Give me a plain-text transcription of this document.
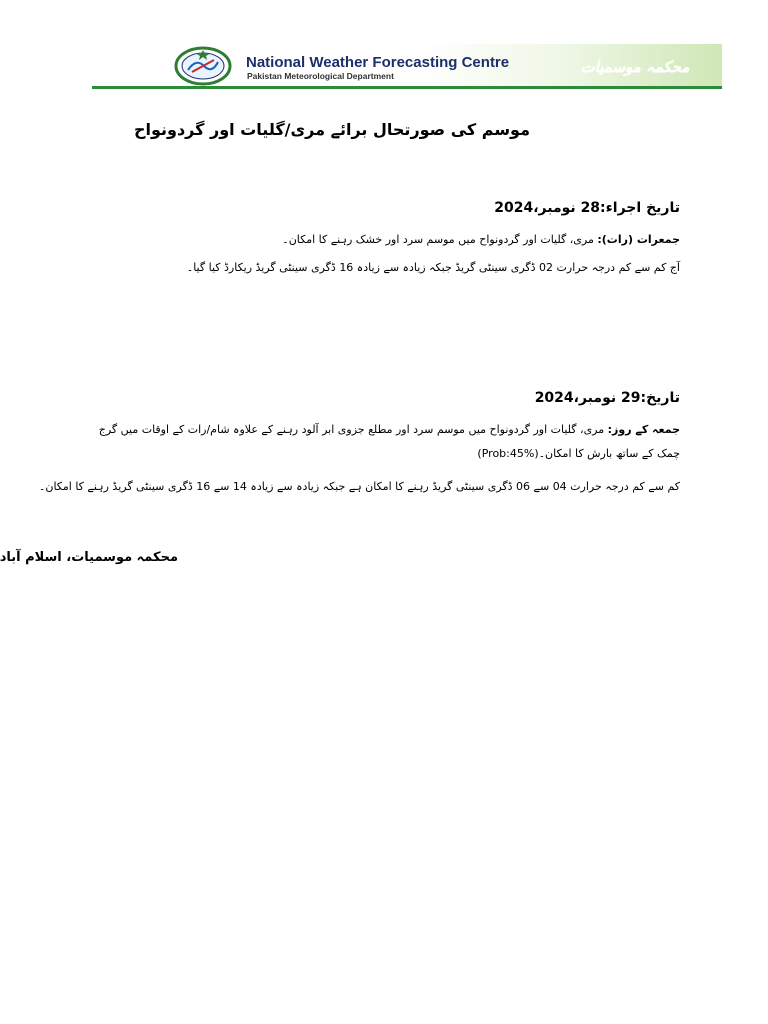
National Weather Forecasting Centre
Pakistan Meteorological Department	محکمہ موسمیات
موسم کی صورتحال برائے مری/گلیات اور گردونواح
تاریخ اجراء:28 نومبر،2024
جمعرات (رات): مری، گلیات اور گردونواح میں موسم سرد اور خشک رہنے کا امکان۔
آج کم سے کم درجہ حرارت 02 ڈگری سینٹی گریڈ جبکہ زیادہ سے زیادہ 16 ڈگری سینٹی گریڈ ریکارڈ کیا گیا۔
تاریخ:29 نومبر،2024
جمعہ کے روز: مری، گلیات اور گردونواح میں موسم سرد اور مطلع جزوی ابر آلود رہنے کے علاوہ شام/رات کے اوقات میں گرج چمک کے ساتھ بارش کا امکان۔(Prob:45%)
کم سے کم درجہ حرارت 04 سے 06 ڈگری سینٹی گریڈ رہنے کا امکان ہے جبکہ زیادہ سے زیادہ 14 سے 16 ڈگری سینٹی گریڈ رہنے کا امکان۔
محکمہ موسمیات، اسلام آباد
